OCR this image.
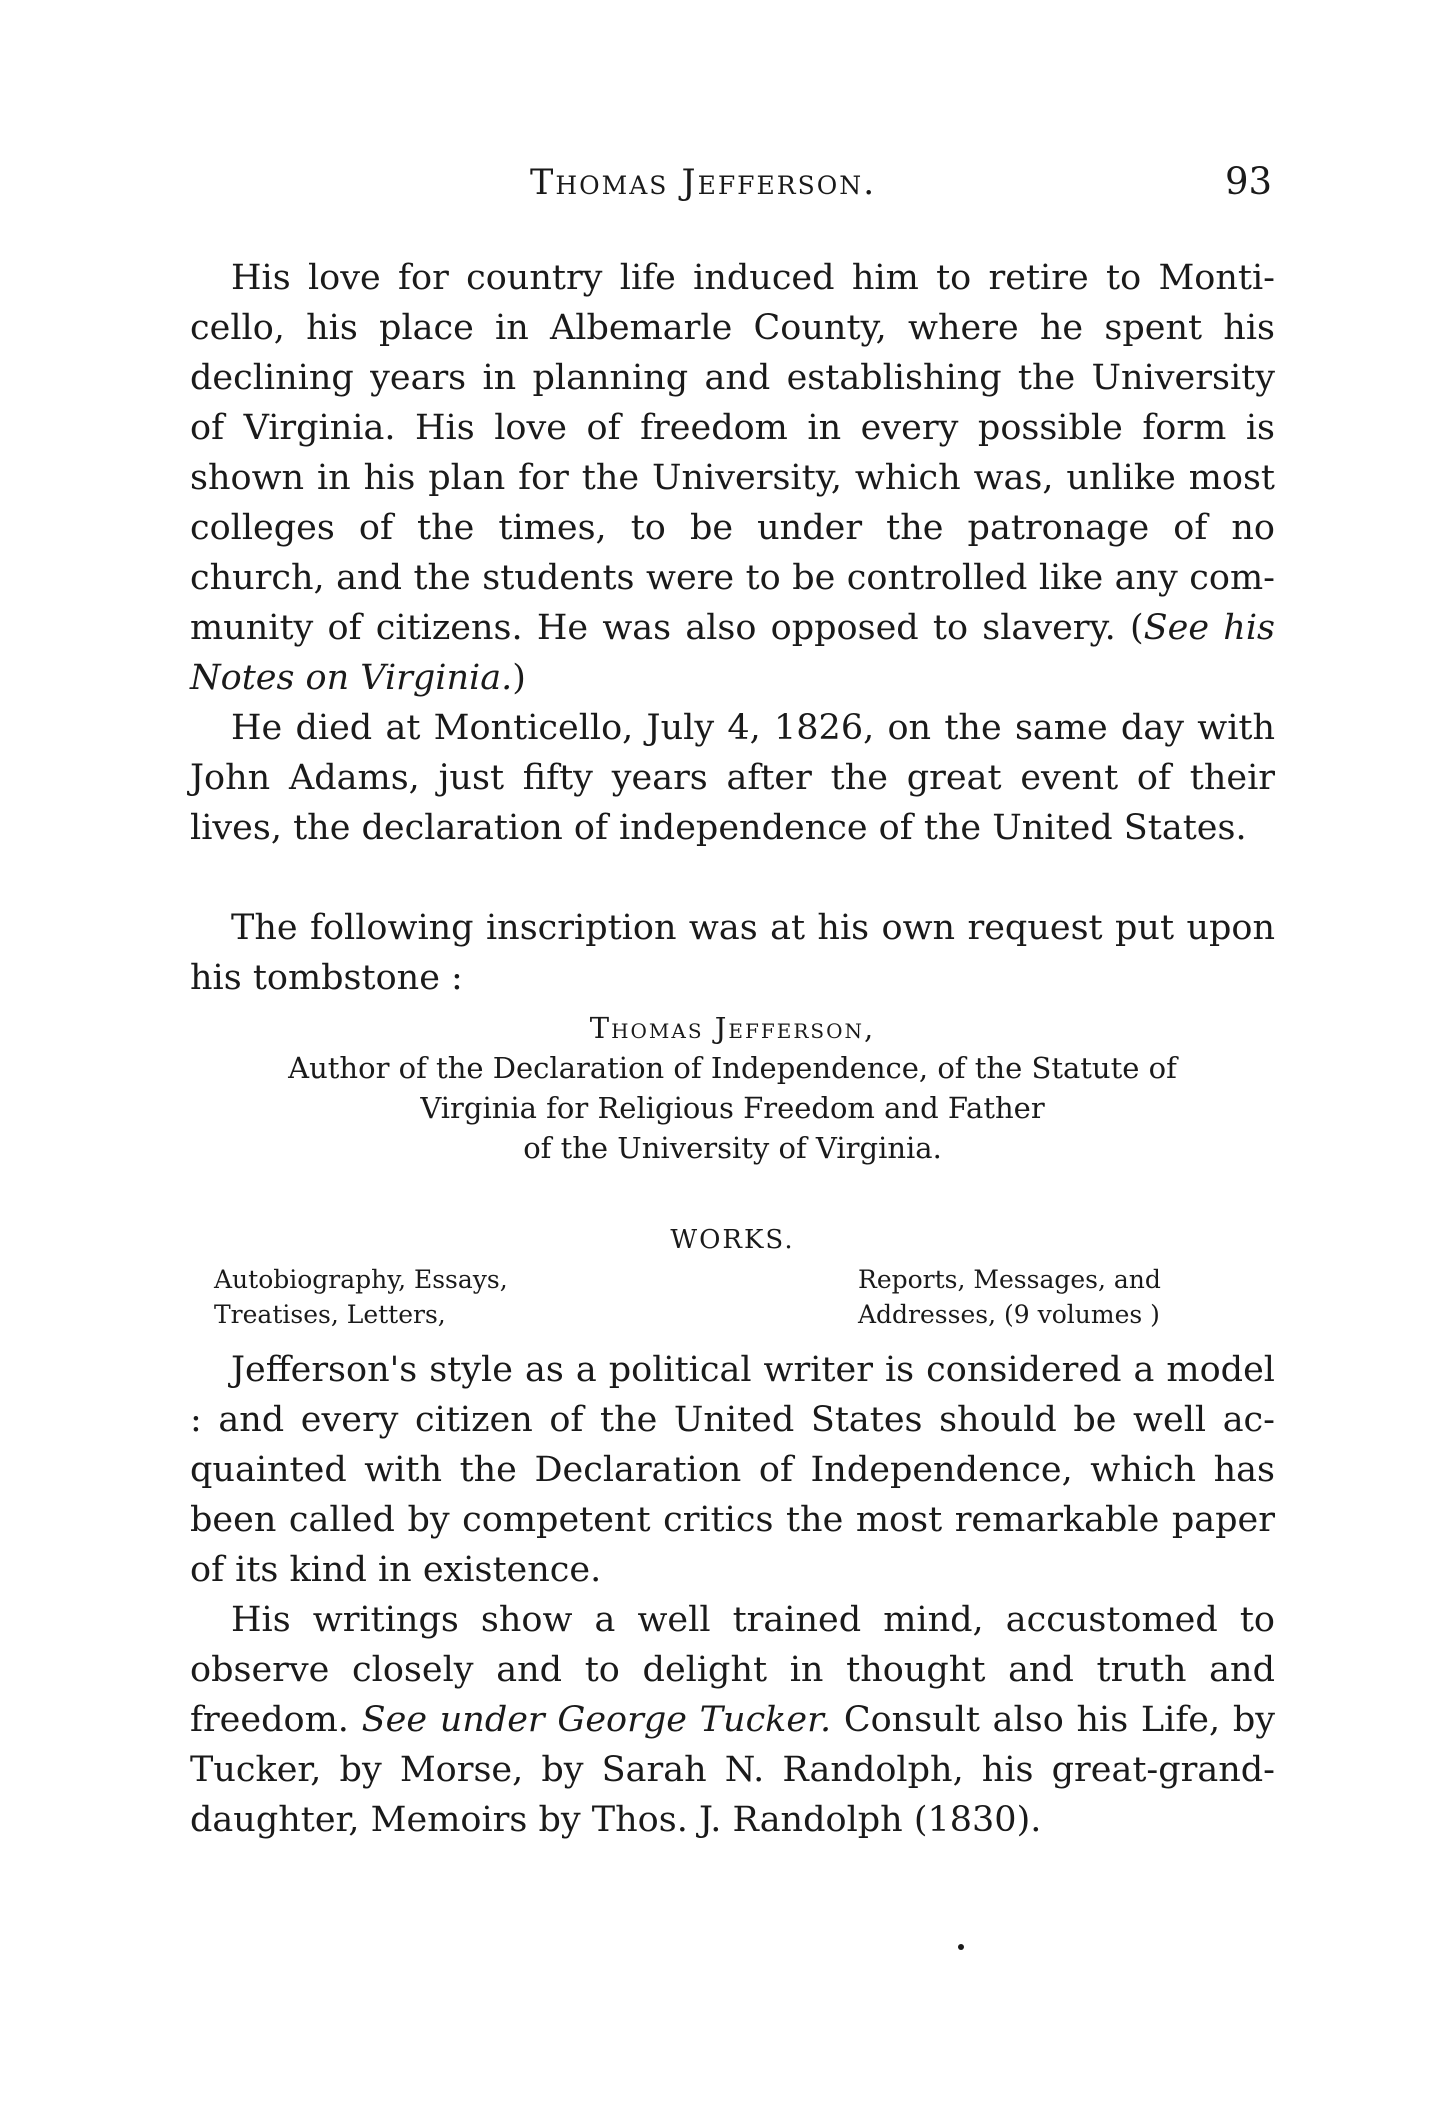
Thomas Jefferson.	93
His love for country life induced him to retire to Monticello, his place in Albemarle County, where he spent his declining years in planning and establishing the University of Virginia. His love of freedom in every possible form is shown in his plan for the University, which was, unlike most colleges of the times, to be under the patronage of no church, and the students were to be controlled like any community of citizens. He was also opposed to slavery. (See his Notes on Virginia.)
He died at Monticello, July 4, 1826, on the same day with John Adams, just fifty years after the great event of their lives, the declaration of independence of the United States.
The following inscription was at his own request put upon his tombstone :
Thomas Jefferson,
Author of the Declaration of Independence, of the Statute of
Virginia for Religious Freedom and Father
of the University of Virginia.
WORKS.
Autobiography, Essays,
Treatises, Letters,
Reports, Messages, and
Addresses, (9 volumes )
Jefferson's style as a political writer is considered a model : and every citizen of the United States should be well acquainted with the Declaration of Independence, which has been called by competent critics the most remarkable paper of its kind in existence.
His writings show a well trained mind, accustomed to observe closely and to delight in thought and truth and freedom. See under George Tucker. Consult also his Life, by Tucker, by Morse, by Sarah N. Randolph, his great-grand-daughter, Memoirs by Thos. J. Randolph (1830).
